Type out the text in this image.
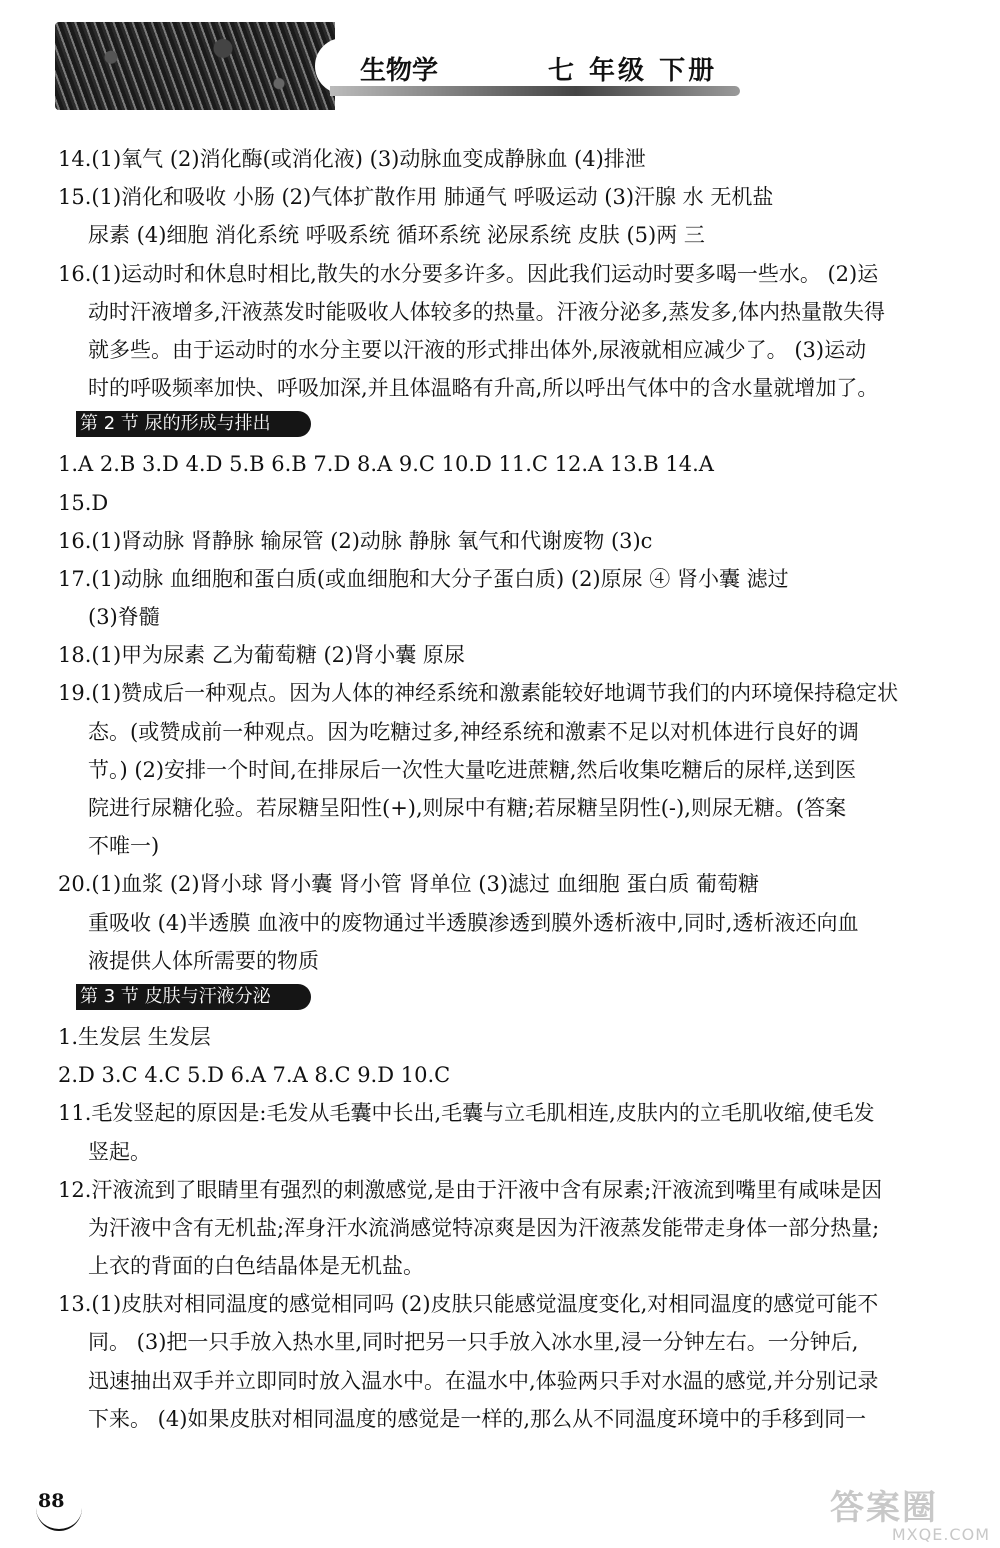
生物学	七 年级 下册

14.(1)氧气 (2)消化酶(或消化液) (3)动脉血变成静脉血 (4)排泄

15.(1)消化和吸收 小肠 (2)气体扩散作用 肺通气 呼吸运动 (3)汗腺 水 无机盐

尿素 (4)细胞 消化系统 呼吸系统 循环系统 泌尿系统 皮肤 (5)两 三

16.(1)运动时和休息时相比,散失的水分要多许多。因此我们运动时要多喝一些水。 (2)运

动时汗液增多,汗液蒸发时能吸收人体较多的热量。汗液分泌多,蒸发多,体内热量散失得

就多些。由于运动时的水分主要以汗液的形式排出体外,尿液就相应减少了。 (3)运动

时的呼吸频率加快、呼吸加深,并且体温略有升高,所以呼出气体中的含水量就增加了。

第 2 节 尿的形成与排出

1.A 2.B 3.D 4.D 5.B 6.B 7.D 8.A 9.C 10.D 11.C 12.A 13.B 14.A

15.D

16.(1)肾动脉 肾静脉 输尿管 (2)动脉 静脉 氧气和代谢废物 (3)c

17.(1)动脉 血细胞和蛋白质(或血细胞和大分子蛋白质) (2)原尿 ④ 肾小囊 滤过

(3)脊髓

18.(1)甲为尿素 乙为葡萄糖 (2)肾小囊 原尿

19.(1)赞成后一种观点。因为人体的神经系统和激素能较好地调节我们的内环境保持稳定状

态。(或赞成前一种观点。因为吃糖过多,神经系统和激素不足以对机体进行良好的调

节。) (2)安排一个时间,在排尿后一次性大量吃进蔗糖,然后收集吃糖后的尿样,送到医

院进行尿糖化验。若尿糖呈阳性(+),则尿中有糖;若尿糖呈阴性(-),则尿无糖。(答案

不唯一)

20.(1)血浆 (2)肾小球 肾小囊 肾小管 肾单位 (3)滤过 血细胞 蛋白质 葡萄糖

重吸收 (4)半透膜 血液中的废物通过半透膜渗透到膜外透析液中,同时,透析液还向血

液提供人体所需要的物质

第 3 节 皮肤与汗液分泌

1.生发层 生发层

2.D 3.C 4.C 5.D 6.A 7.A 8.C 9.D 10.C

11.毛发竖起的原因是:毛发从毛囊中长出,毛囊与立毛肌相连,皮肤内的立毛肌收缩,使毛发

竖起。

12.汗液流到了眼睛里有强烈的刺激感觉,是由于汗液中含有尿素;汗液流到嘴里有咸味是因

为汗液中含有无机盐;浑身汗水流淌感觉特凉爽是因为汗液蒸发能带走身体一部分热量;

上衣的背面的白色结晶体是无机盐。

13.(1)皮肤对相同温度的感觉相同吗 (2)皮肤只能感觉温度变化,对相同温度的感觉可能不

同。 (3)把一只手放入热水里,同时把另一只手放入冰水里,浸一分钟左右。一分钟后,

迅速抽出双手并立即同时放入温水中。在温水中,体验两只手对水温的感觉,并分别记录

下来。 (4)如果皮肤对相同温度的感觉是一样的,那么从不同温度环境中的手移到同一

88	答案圈
MXQE.COM
